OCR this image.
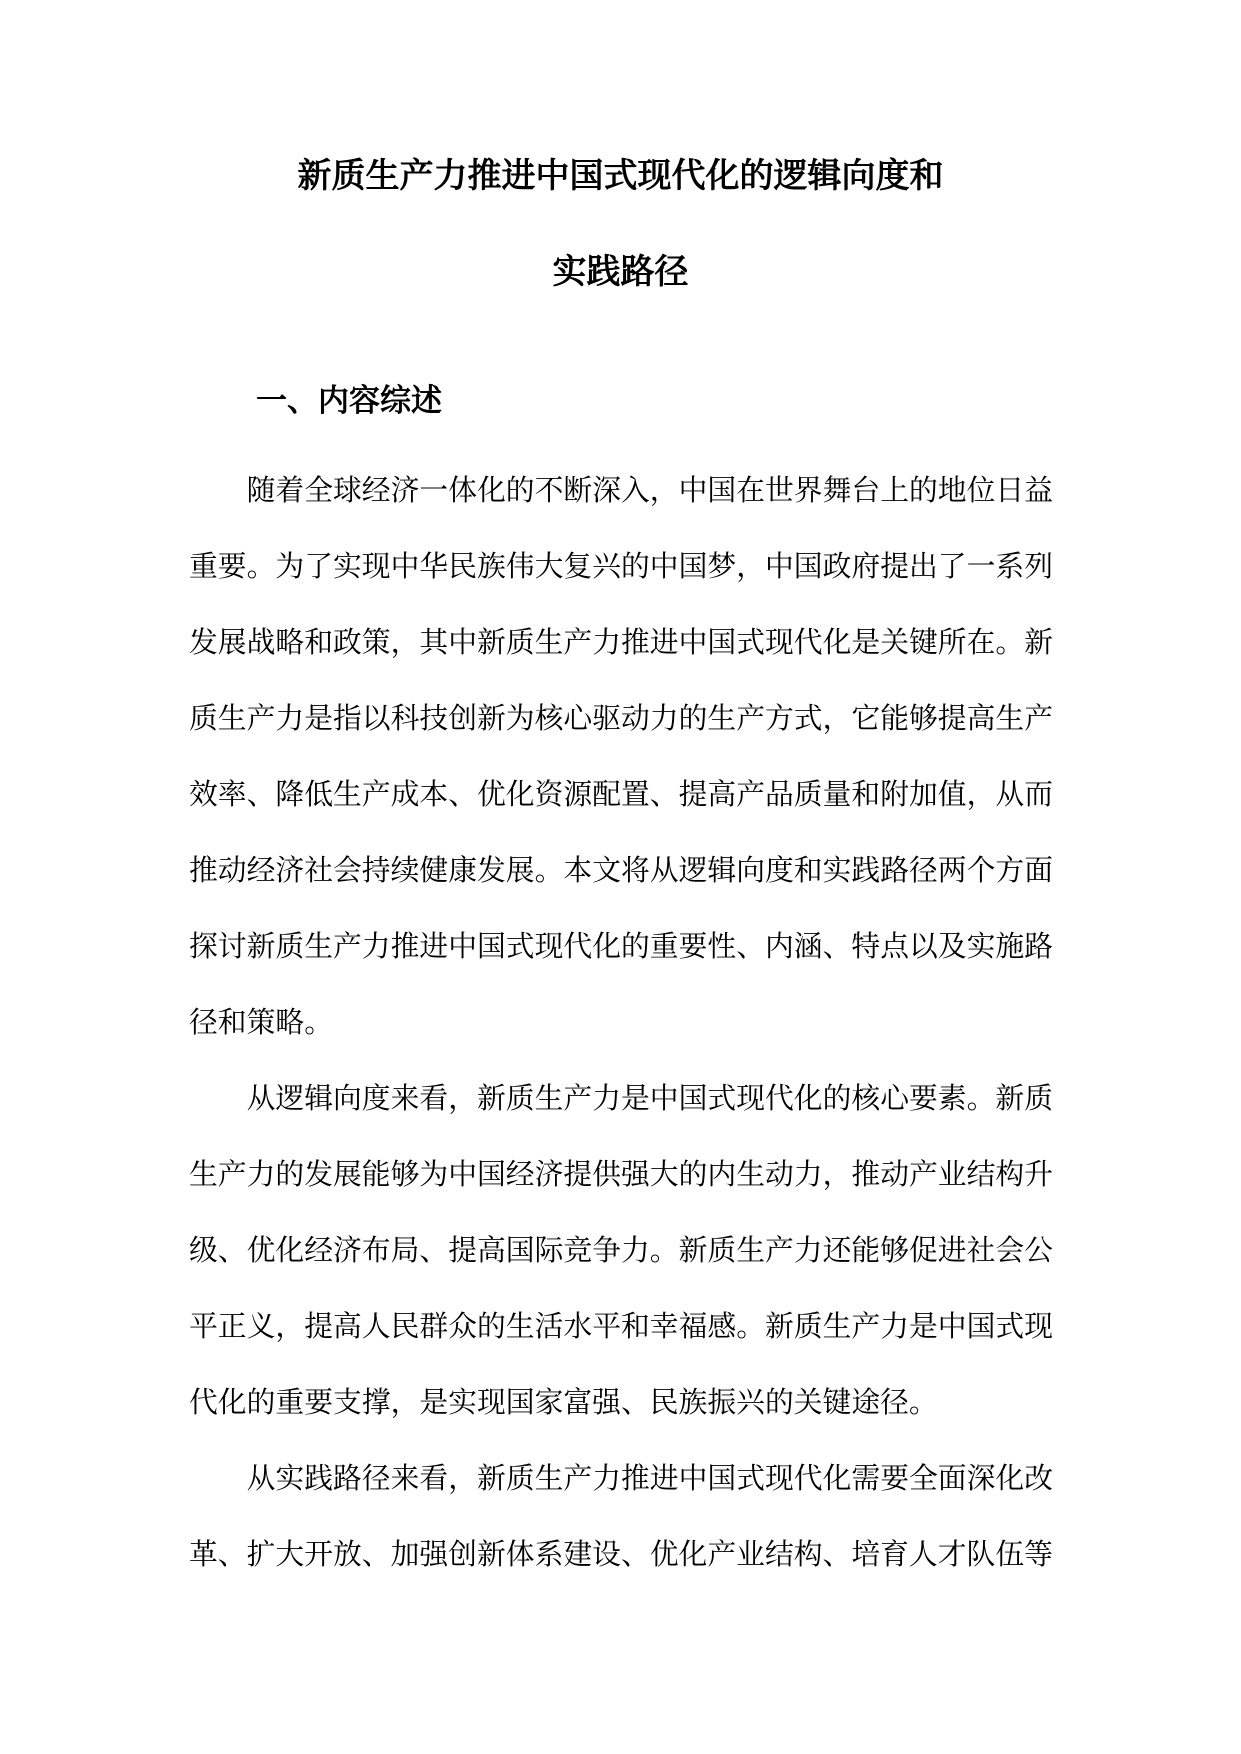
新质生产力推进中国式现代化的逻辑向度和
实践路径
一、内容综述

随着全球经济一体化的不断深入，中国在世界舞台上的地位日益重要。为了实现中华民族伟大复兴的中国梦，中国政府提出了一系列发展战略和政策，其中新质生产力推进中国式现代化是关键所在。新质生产力是指以科技创新为核心驱动力的生产方式，它能够提高生产效率、降低生产成本、优化资源配置、提高产品质量和附加值，从而推动经济社会持续健康发展。本文将从逻辑向度和实践路径两个方面探讨新质生产力推进中国式现代化的重要性、内涵、特点以及实施路径和策略。

从逻辑向度来看，新质生产力是中国式现代化的核心要素。新质生产力的发展能够为中国经济提供强大的内生动力，推动产业结构升级、优化经济布局、提高国际竞争力。新质生产力还能够促进社会公平正义，提高人民群众的生活水平和幸福感。新质生产力是中国式现代化的重要支撑，是实现国家富强、民族振兴的关键途径。

从实践路径来看，新质生产力推进中国式现代化需要全面深化改革、扩大开放、加强创新体系建设、优化产业结构、培育人才队伍等
